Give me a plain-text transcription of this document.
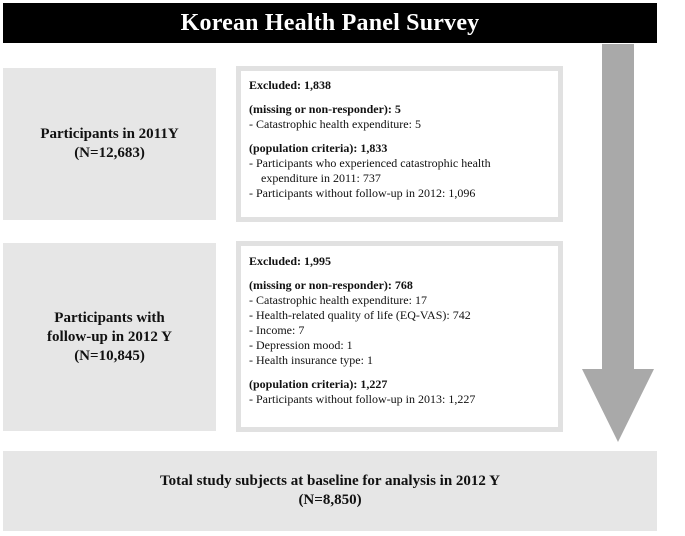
Korean Health Panel Survey
Participants in 2011Y
(N=12,683)
Excluded: 1,838
(missing or non-responder): 5
- Catastrophic health expenditure: 5
(population criteria): 1,833
- Participants who experienced catastrophic health expenditure in 2011: 737
- Participants without follow-up in 2012: 1,096
Participants with
follow-up in 2012 Y
(N=10,845)
Excluded: 1,995
(missing or non-responder): 768
- Catastrophic health expenditure: 17
- Health-related quality of life (EQ-VAS): 742
- Income: 7
- Depression mood: 1
- Health insurance type: 1
(population criteria): 1,227
- Participants without follow-up in 2013: 1,227
Total study subjects at baseline for analysis in 2012 Y
(N=8,850)
